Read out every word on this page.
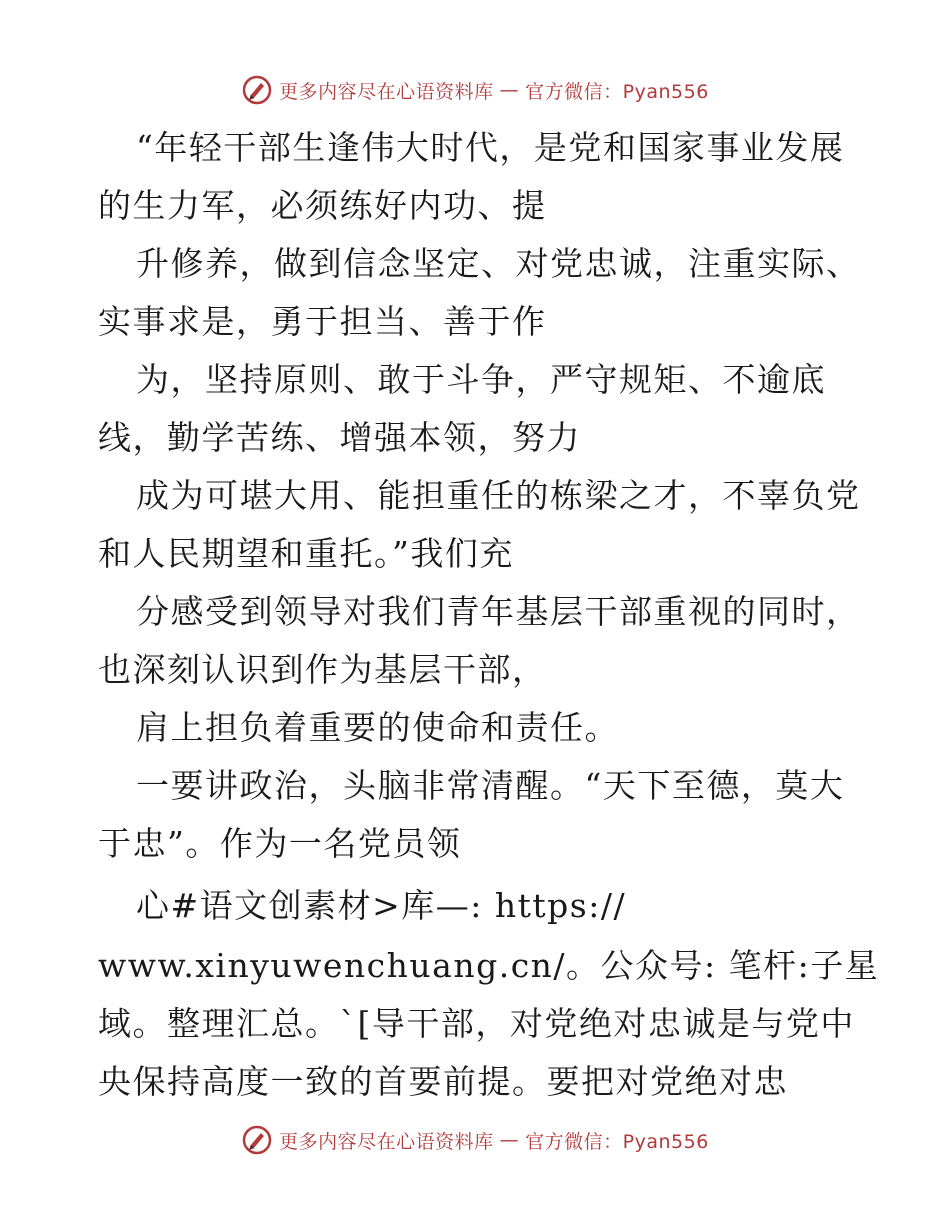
更多内容尽在心语资料库 — 官方微信：Pyan556
“年轻干部生逢伟大时代，是党和国家事业发展
的生力军，必须练好内功、提
升修养，做到信念坚定、对党忠诚，注重实际、
实事求是，勇于担当、善于作
为，坚持原则、敢于斗争，严守规矩、不逾底
线，勤学苦练、增强本领，努力
成为可堪大用、能担重任的栋梁之才，不辜负党
和人民期望和重托。”我们充
分感受到领导对我们青年基层干部重视的同时，
也深刻认识到作为基层干部，
肩上担负着重要的使命和责任。
一要讲政治，头脑非常清醒。“天下至德，莫大
于忠”。作为一名党员领
心#语文创素材>库—: https://
www.xinyuwenchuang.cn/。公众号: 笔杆:子星
域。整理汇总。`[导干部，对党绝对忠诚是与党中
央保持高度一致的首要前提。要把对党绝对忠
更多内容尽在心语资料库 — 官方微信：Pyan556
